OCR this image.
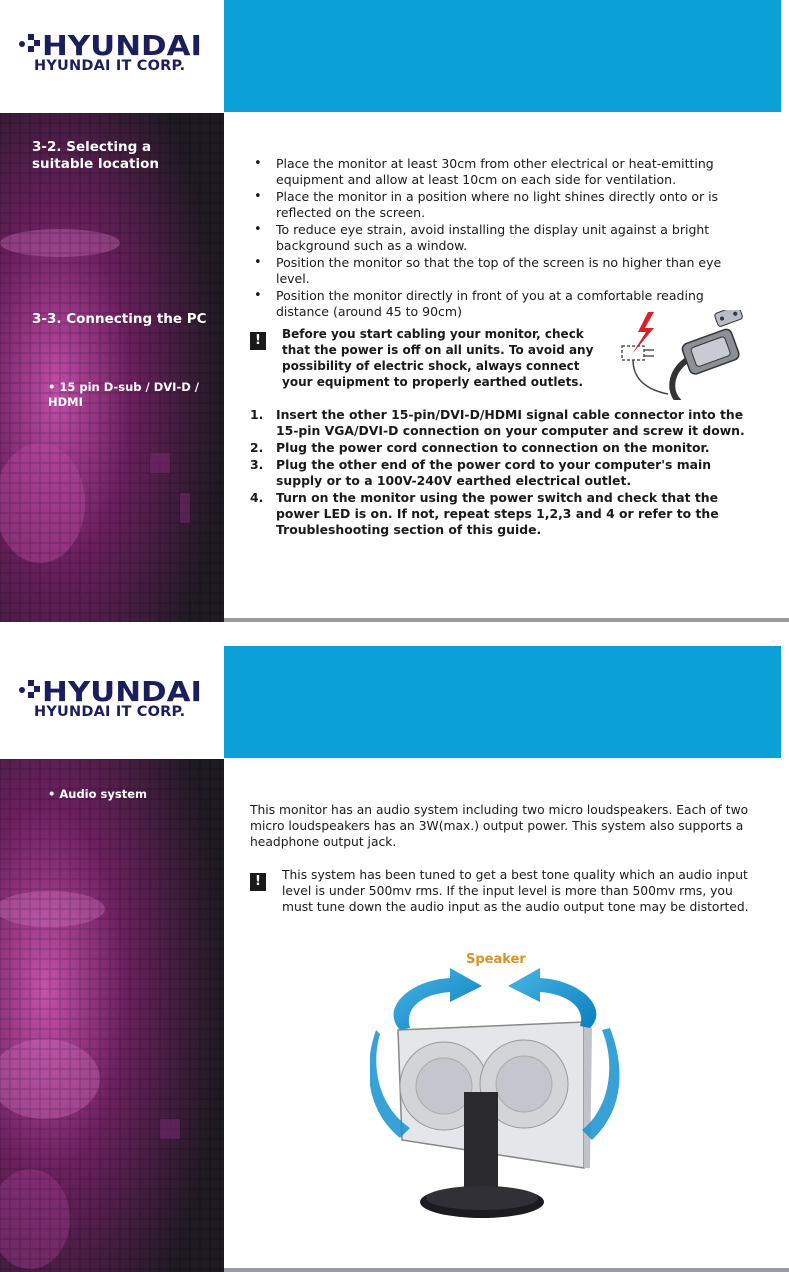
HYUNDAI
HYUNDAI IT CORP.
3-2. Selecting a suitable location
3-3. Connecting the PC
• 15 pin D-sub / DVI-D / HDMI
• Place the monitor at least 30cm from other electrical or heat-emitting equipment and allow at least 10cm on each side for ventilation.
• Place the monitor in a position where no light shines directly onto or is reflected on the screen.
• To reduce eye strain, avoid installing the display unit against a bright background such as a window.
• Position the monitor so that the top of the screen is no higher than eye level.
• Position the monitor directly in front of you at a comfortable reading distance (around 45 to 90cm)
!	Before you start cabling your monitor, check that the power is off on all units. To avoid any possibility of electric shock, always connect your equipment to properly earthed outlets.
1. Insert the other 15-pin/DVI-D/HDMI signal cable connector into the 15-pin VGA/DVI-D connection on your computer and screw it down.
2. Plug the power cord connection to connection on the monitor.
3. Plug the other end of the power cord to your computer's main supply or to a 100V-240V earthed electrical outlet.
4. Turn on the monitor using the power switch and check that the power LED is on. If not, repeat steps 1,2,3 and 4 or refer to the Troubleshooting section of this guide.
HYUNDAI
HYUNDAI IT CORP.
• Audio system
This monitor has an audio system including two micro loudspeakers. Each of two micro loudspeakers has an 3W(max.) output power. This system also supports a headphone output jack.
!	This system has been tuned to get a best tone quality which an audio input level is under 500mv rms. If the input level is more than 500mv rms, you must tune down the audio input as the audio output tone may be distorted.
Speaker
